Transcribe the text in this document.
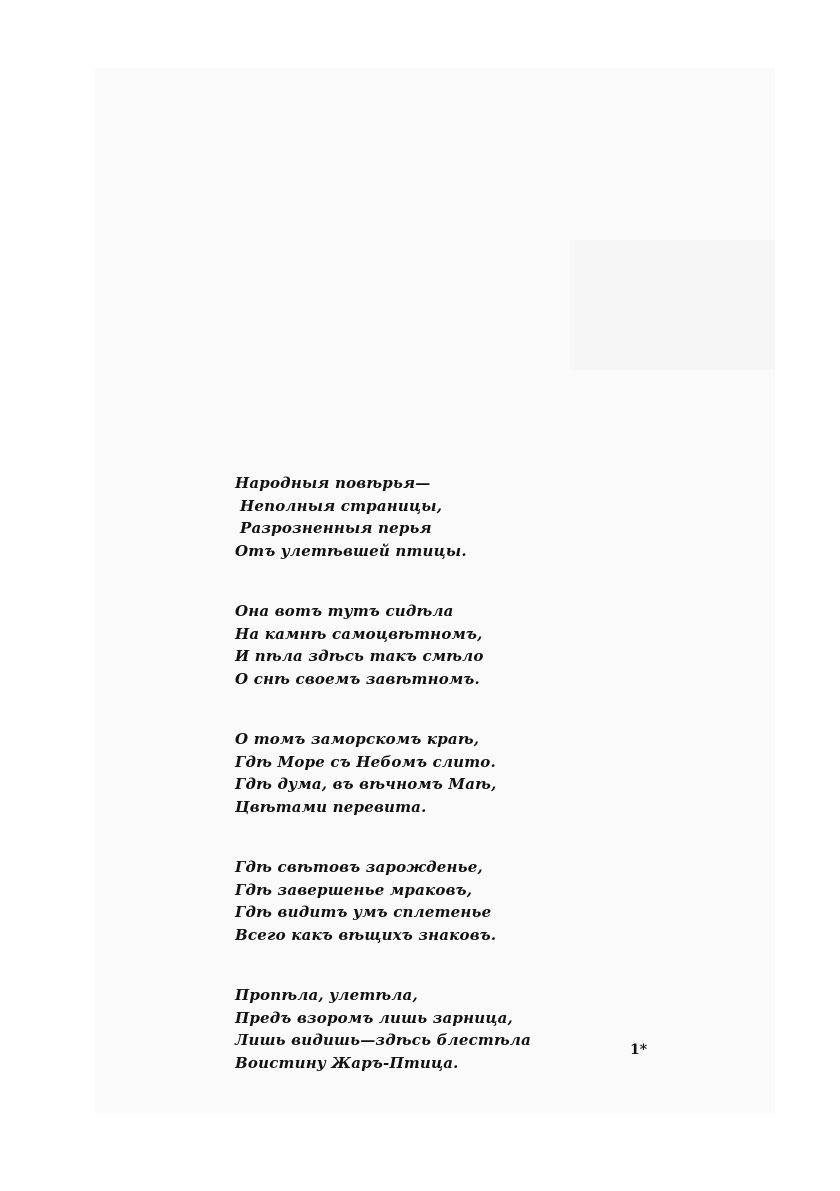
Народныя повѣрья—
Неполныя страницы,
Разрозненныя перья
Отъ улетѣвшей птицы.
Она вотъ тутъ сидѣла
На камнѣ самоцвѣтномъ,
И пѣла здѣсь такъ смѣло
О снѣ своемъ завѣтномъ.
О томъ заморскомъ краѣ,
Гдѣ Море съ Небомъ слито.
Гдѣ дума, въ вѣчномъ Маѣ,
Цвѣтами перевита.
Гдѣ свѣтовъ зарожденье,
Гдѣ завершенье мраковъ,
Гдѣ видитъ умъ сплетенье
Всего какъ вѣщихъ знаковъ.
Пропѣла, улетѣла,
Предъ взоромъ лишь зарница,
Лишь видишь—здѣсь блестѣла
Воистину Жаръ-Птица.
1*
